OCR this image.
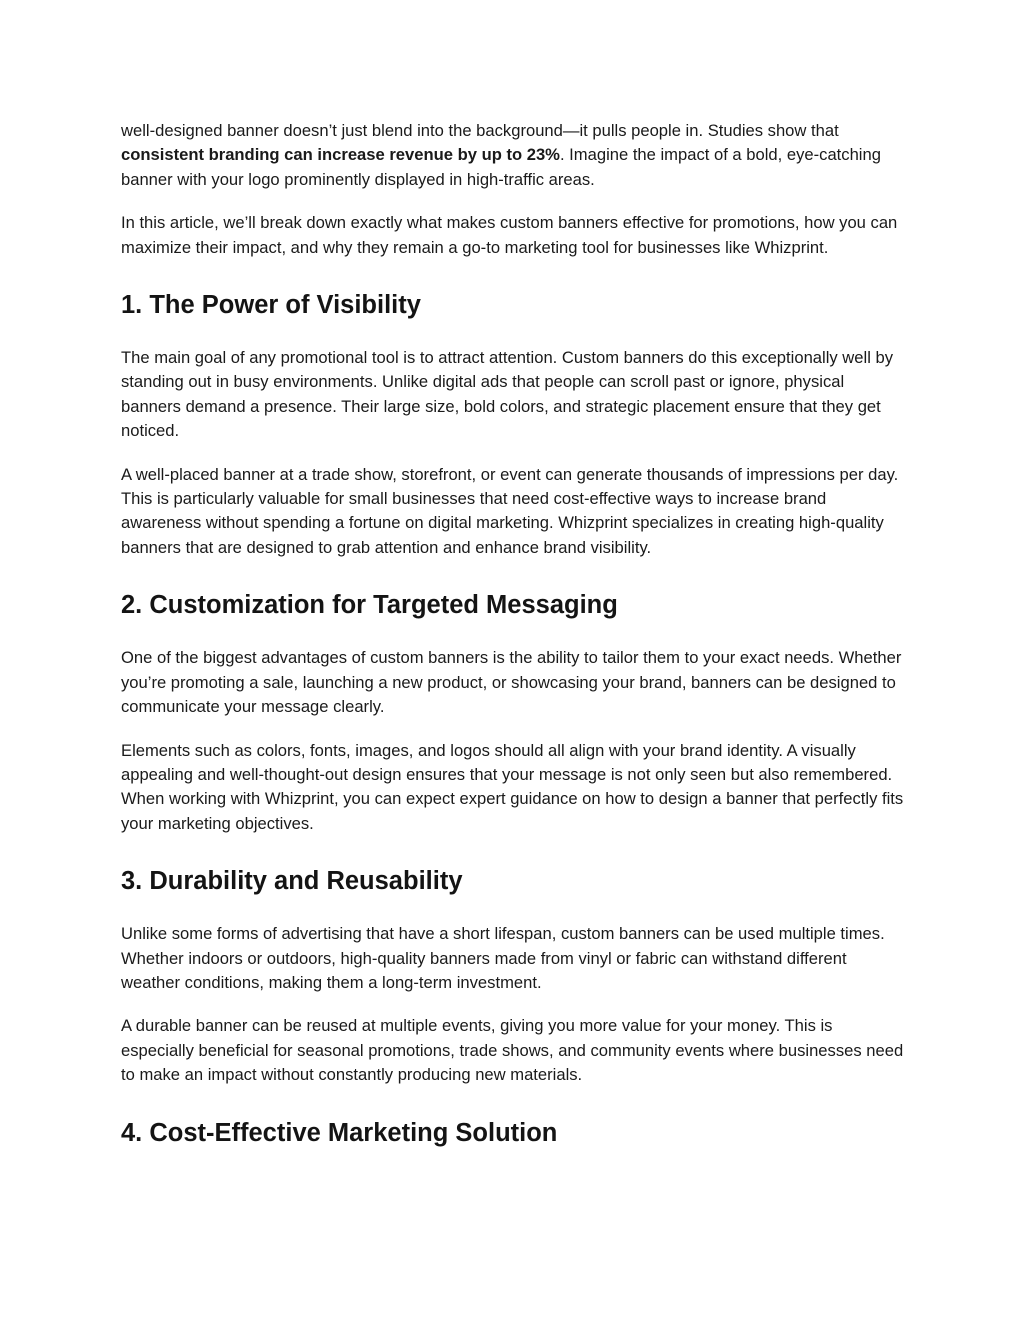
well-designed banner doesn’t just blend into the background—it pulls people in. Studies show that consistent branding can increase revenue by up to 23%. Imagine the impact of a bold, eye-catching banner with your logo prominently displayed in high-traffic areas.

In this article, we’ll break down exactly what makes custom banners effective for promotions, how you can maximize their impact, and why they remain a go-to marketing tool for businesses like Whizprint.

1. The Power of Visibility

The main goal of any promotional tool is to attract attention. Custom banners do this exceptionally well by standing out in busy environments. Unlike digital ads that people can scroll past or ignore, physical banners demand a presence. Their large size, bold colors, and strategic placement ensure that they get noticed.

A well-placed banner at a trade show, storefront, or event can generate thousands of impressions per day. This is particularly valuable for small businesses that need cost-effective ways to increase brand awareness without spending a fortune on digital marketing. Whizprint specializes in creating high-quality banners that are designed to grab attention and enhance brand visibility.

2. Customization for Targeted Messaging

One of the biggest advantages of custom banners is the ability to tailor them to your exact needs. Whether you’re promoting a sale, launching a new product, or showcasing your brand, banners can be designed to communicate your message clearly.

Elements such as colors, fonts, images, and logos should all align with your brand identity. A visually appealing and well-thought-out design ensures that your message is not only seen but also remembered. When working with Whizprint, you can expect expert guidance on how to design a banner that perfectly fits your marketing objectives.

3. Durability and Reusability

Unlike some forms of advertising that have a short lifespan, custom banners can be used multiple times. Whether indoors or outdoors, high-quality banners made from vinyl or fabric can withstand different weather conditions, making them a long-term investment.

A durable banner can be reused at multiple events, giving you more value for your money. This is especially beneficial for seasonal promotions, trade shows, and community events where businesses need to make an impact without constantly producing new materials.

4. Cost-Effective Marketing Solution
